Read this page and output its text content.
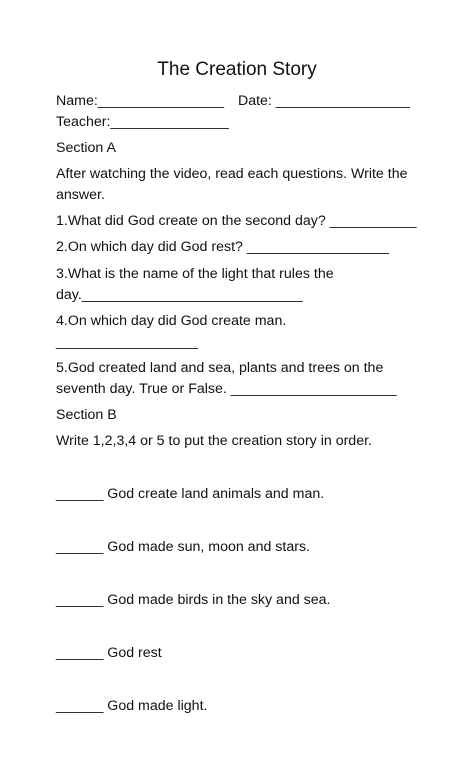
The Creation Story
Name:________________ Date: _________________
Teacher:_______________
Section A
After watching the video, read each questions. Write the
answer.
1.What did God create on the second day? ___________
2.On which day did God rest? __________________
3.What is the name of the light that rules the
day.____________________________
4.On which day did God create man.
__________________
5.God created land and sea, plants and trees on the
seventh day. True or False. _____________________
Section B
Write 1,2,3,4 or 5 to put the creation story in order.
______ God create land animals and man.
______ God made sun, moon and stars.
______ God made birds in the sky and sea.
______ God rest
______ God made light.
